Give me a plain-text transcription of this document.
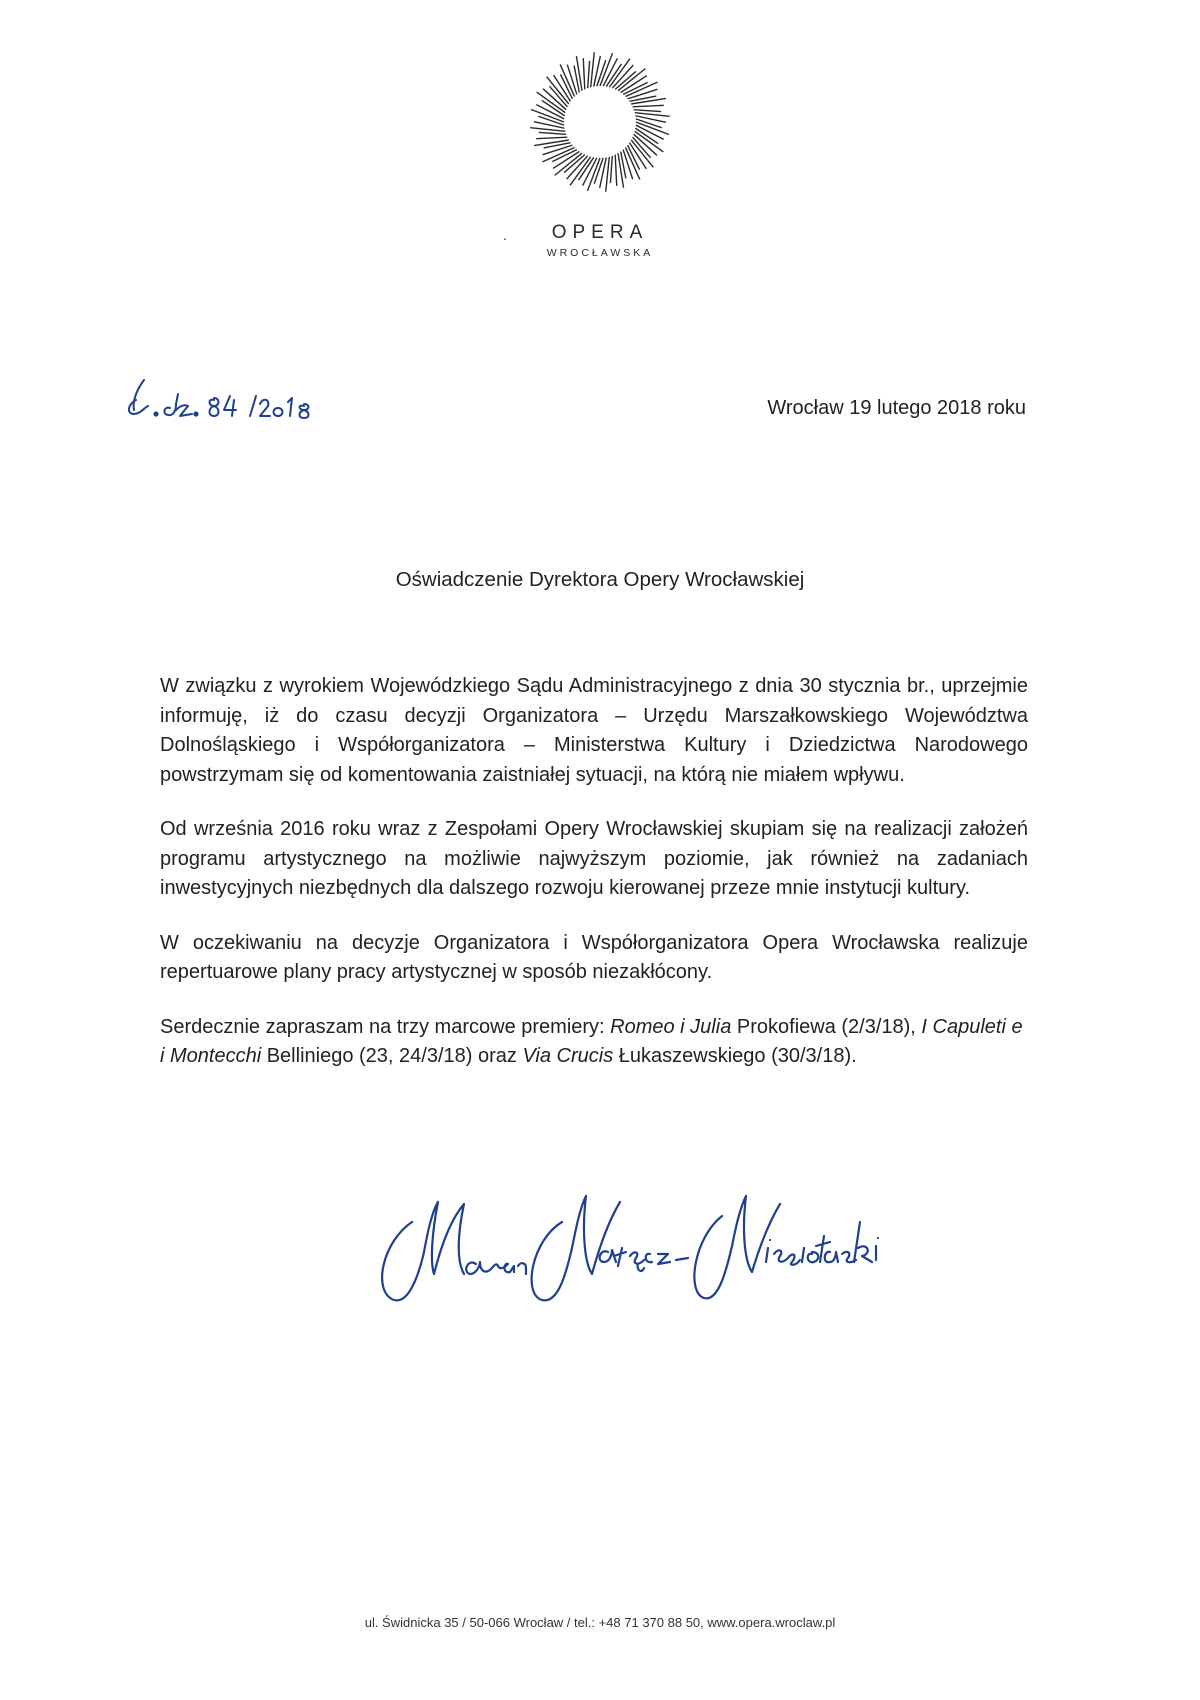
.	OPERA
WROCŁAWSKA
Wrocław 19 lutego 2018 roku
Oświadczenie Dyrektora Opery Wrocławskiej

W związku z wyrokiem Wojewódzkiego Sądu Administracyjnego z dnia 30 stycznia br., uprzejmie informuję, iż do czasu decyzji Organizatora – Urzędu Marszałkowskiego Województwa Dolnośląskiego i Współorganizatora – Ministerstwa Kultury i Dziedzictwa Narodowego powstrzymam się od komentowania zaistniałej sytuacji, na którą nie miałem wpływu.

Od września 2016 roku wraz z Zespołami Opery Wrocławskiej skupiam się na realizacji założeń programu artystycznego na możliwie najwyższym poziomie, jak również na zadaniach inwestycyjnych niezbędnych dla dalszego rozwoju kierowanej przeze mnie instytucji kultury.

W oczekiwaniu na decyzje Organizatora i Współorganizatora Opera Wrocławska realizuje repertuarowe plany pracy artystycznej w sposób niezakłócony.

Serdecznie zapraszam na trzy marcowe premiery: Romeo i Julia Prokofiewa (2/3/18), I Capuleti e i Montecchi Belliniego (23, 24/3/18) oraz Via Crucis Łukaszewskiego (30/3/18).

ul. Świdnicka 35 / 50-066 Wrocław / tel.: +48 71 370 88 50, www.opera.wroclaw.pl
